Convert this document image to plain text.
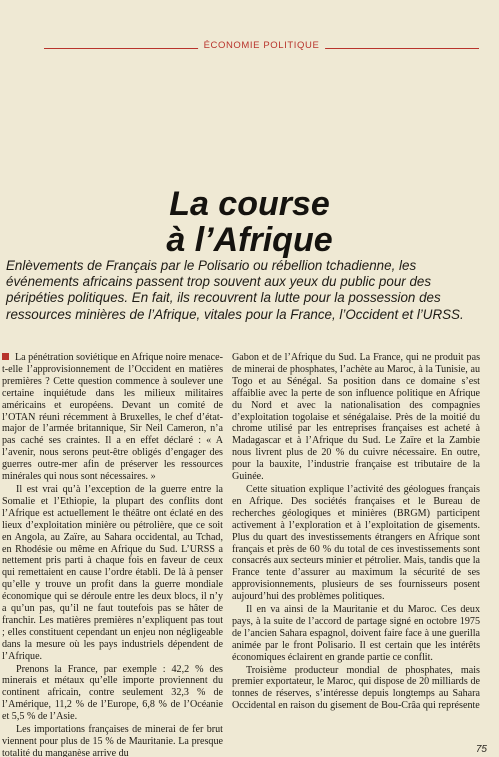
ÉCONOMIE POLITIQUE
La course
à l’Afrique
Enlèvements de Français par le Polisario ou rébellion tchadienne, les événements africains passent trop souvent aux yeux du public pour des péripéties politiques. En fait, ils recouvrent la lutte pour la possession des ressources minières de l’Afrique, vitales pour la France, l’Occident et l’URSS.

La pénétration soviétique en Afrique noire menace-t-elle l’approvisionnement de l’Occident en matières premières ? Cette question commence à soulever une certaine inquiétude dans les milieux militaires américains et européens. Devant un comité de l’OTAN réuni récemment à Bruxelles, le chef d’état-major de l’armée britannique, Sir Neil Cameron, n’a pas caché ses craintes. Il a en effet déclaré : « A l’avenir, nous serons peut-être obligés d’engager des guerres outre-mer afin de préserver les ressources minérales qui nous sont nécessaires. »

Il est vrai qu’à l’exception de la guerre entre la Somalie et l’Ethiopie, la plupart des conflits dont l’Afrique est actuellement le théâtre ont éclaté en des lieux d’exploitation minière ou pétrolière, que ce soit en Angola, au Zaïre, au Sahara occidental, au Tchad, en Rhodésie ou même en Afrique du Sud. L’URSS a nettement pris parti à chaque fois en faveur de ceux qui remettaient en cause l’ordre établi. De là à penser qu’elle y trouve un profit dans la guerre mondiale économique qui se déroule entre les deux blocs, il n’y a qu’un pas, qu’il ne faut toutefois pas se hâter de franchir. Les matières premières n’expliquent pas tout ; elles constituent cependant un enjeu non négligeable dans la mesure où les pays industriels dépendent de l’Afrique.

Prenons la France, par exemple : 42,2 % des minerais et métaux qu’elle importe proviennent du continent africain, contre seulement 32,3 % de l’Amérique, 11,2 % de l’Europe, 6,8 % de l’Océanie et 5,5 % de l’Asie.

Les importations françaises de minerai de fer brut viennent pour plus de 15 % de Mauritanie. La presque totalité du manganèse arrive du

Gabon et de l’Afrique du Sud. La France, qui ne produit pas de minerai de phosphates, l’achète au Maroc, à la Tunisie, au Togo et au Sénégal. Sa position dans ce domaine s’est affaiblie avec la perte de son influence politique en Afrique du Nord et avec la nationalisation des compagnies d’exploitation togolaise et sénégalaise. Près de la moitié du chrome utilisé par les entreprises françaises est acheté à Madagascar et à l’Afrique du Sud. Le Zaïre et la Zambie nous livrent plus de 20 % du cuivre nécessaire. En outre, pour la bauxite, l’industrie française est tributaire de la Guinée.

Cette situation explique l’activité des géologues français en Afrique. Des sociétés françaises et le Bureau de recherches géologiques et minières (BRGM) participent activement à l’exploration et à l’exploitation de gisements. Plus du quart des investissements étrangers en Afrique sont français et près de 60 % du total de ces investissements sont consacrés aux secteurs minier et pétrolier. Mais, tandis que la France tente d’assurer au maximum la sécurité de ses approvisionnements, plusieurs de ses fournisseurs posent aujourd’hui des problèmes politiques.

Il en va ainsi de la Mauritanie et du Maroc. Ces deux pays, à la suite de l’accord de partage signé en octobre 1975 de l’ancien Sahara espagnol, doivent faire face à une guerilla animée par le front Polisario. Il est certain que les intérêts économiques éclairent en grande partie ce conflit.

Troisième producteur mondial de phosphates, mais premier exportateur, le Maroc, qui dispose de 20 milliards de tonnes de réserves, s’intéresse depuis longtemps au Sahara Occidental en raison du gisement de Bou-Crâa qui représente

75
